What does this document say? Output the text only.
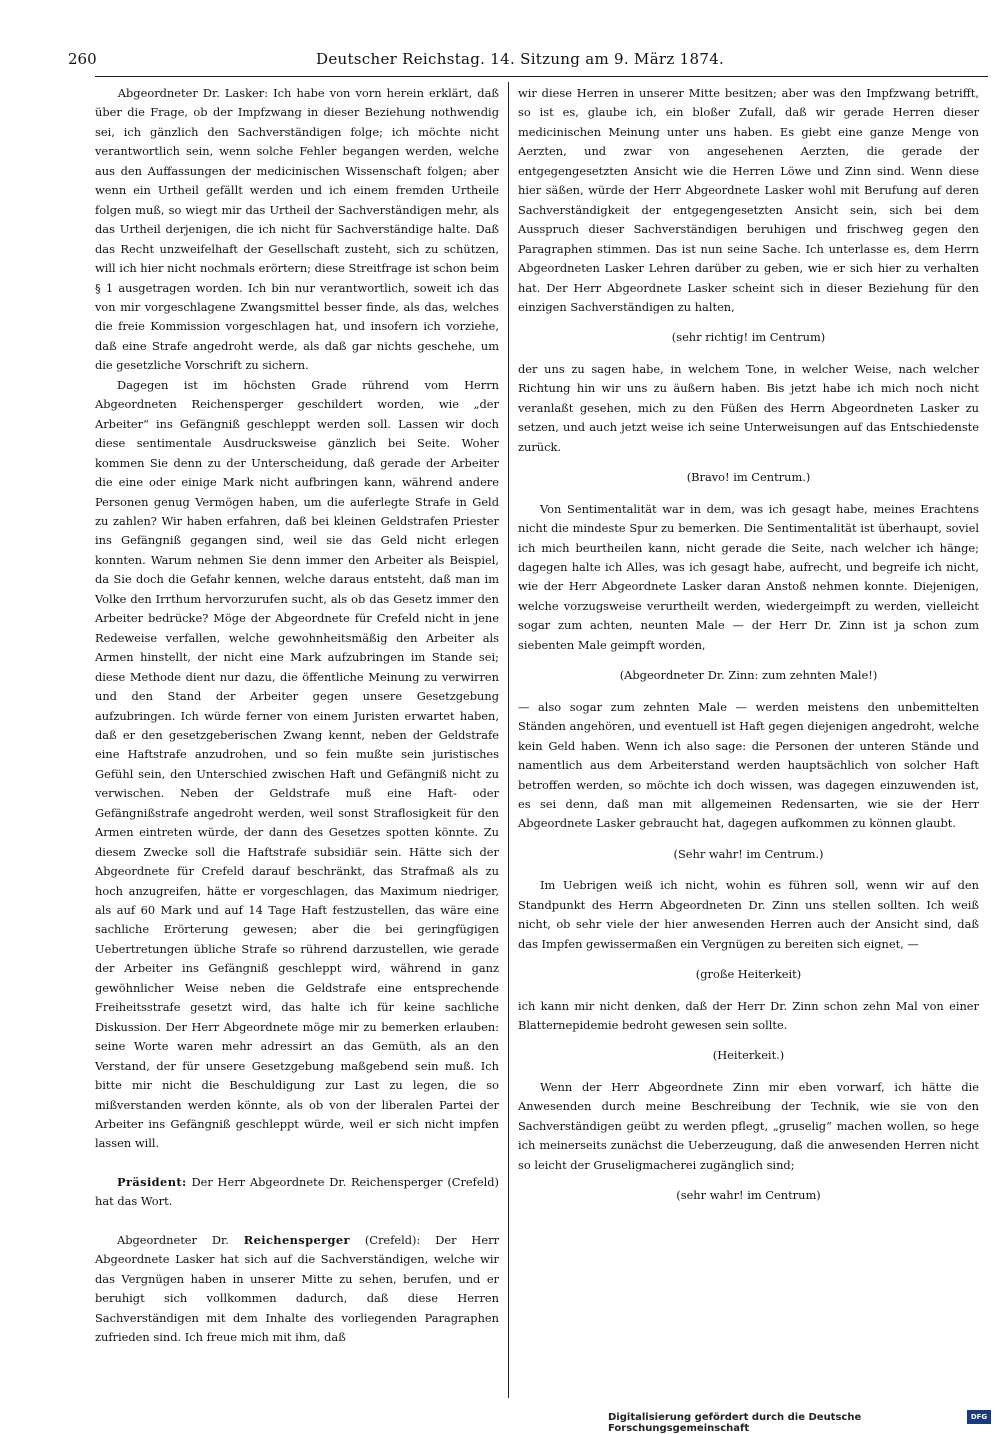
260	Deutscher Reichstag. 14. Sitzung am 9. März 1874.

  Abgeordneter Dr. Lasker: Ich habe von vorn herein erklärt, daß über die Frage, ob der Impfzwang in dieser Beziehung nothwendig sei, ich gänzlich den Sachverständigen folge; ich möchte nicht verantwortlich sein, wenn solche Fehler begangen werden, welche aus den Auffassungen der medicinischen Wissenschaft folgen; aber wenn ein Urtheil gefällt werden und ich einem fremden Urtheile folgen muß, so wiegt mir das Urtheil der Sachverständigen mehr, als das Urtheil derjenigen, die ich nicht für Sachverständige halte. Daß das Recht unzweifelhaft der Gesellschaft zusteht, sich zu schützen, will ich hier nicht nochmals erörtern; diese Streitfrage ist schon beim § 1 ausgetragen worden. Ich bin nur verantwortlich, soweit ich das von mir vorgeschlagene Zwangsmittel besser finde, als das, welches die freie Kommission vorgeschlagen hat, und insofern ich vorziehe, daß eine Strafe angedroht werde, als daß gar nichts geschehe, um die gesetzliche Vorschrift zu sichern.

Dagegen ist im höchsten Grade rührend vom Herrn Abgeordneten Reichensperger geschildert worden, wie „der Arbeiter“ ins Gefängniß geschleppt werden soll. Lassen wir doch diese sentimentale Ausdrucksweise gänzlich bei Seite. Woher kommen Sie denn zu der Unterscheidung, daß gerade der Arbeiter die eine oder einige Mark nicht aufbringen kann, während andere Personen genug Vermögen haben, um die auferlegte Strafe in Geld zu zahlen? Wir haben erfahren, daß bei kleinen Geldstrafen Priester ins Gefängniß gegangen sind, weil sie das Geld nicht erlegen konnten. Warum nehmen Sie denn immer den Arbeiter als Beispiel, da Sie doch die Gefahr kennen, welche daraus entsteht, daß man im Volke den Irrthum hervorzurufen sucht, als ob das Gesetz immer den Arbeiter bedrücke? Möge der Abgeordnete für Crefeld nicht in jene Redeweise verfallen, welche gewohnheitsmäßig den Arbeiter als Armen hinstellt, der nicht eine Mark aufzubringen im Stande sei; diese Methode dient nur dazu, die öffentliche Meinung zu verwirren und den Stand der Arbeiter gegen unsere Gesetzgebung aufzubringen. Ich würde ferner von einem Juristen erwartet haben, daß er den gesetzgeberischen Zwang kennt, neben der Geldstrafe eine Haftstrafe anzudrohen, und so fein mußte sein juristisches Gefühl sein, den Unterschied zwischen Haft und Gefängniß nicht zu verwischen. Neben der Geldstrafe muß eine Haft- oder Gefängnißstrafe angedroht werden, weil sonst Straflosigkeit für den Armen eintreten würde, der dann des Gesetzes spotten könnte. Zu diesem Zwecke soll die Haftstrafe subsidiär sein. Hätte sich der Abgeordnete für Crefeld darauf beschränkt, das Strafmaß als zu hoch anzugreifen, hätte er vorgeschlagen, das Maximum niedriger, als auf 60 Mark und auf 14 Tage Haft festzustellen, das wäre eine sachliche Erörterung gewesen; aber die bei geringfügigen Uebertretungen übliche Strafe so rührend darzustellen, wie gerade der Arbeiter ins Gefängniß geschleppt wird, während in ganz gewöhnlicher Weise neben die Geldstrafe eine entsprechende Freiheitsstrafe gesetzt wird, das halte ich für keine sachliche Diskussion. Der Herr Abgeordnete möge mir zu bemerken erlauben: seine Worte waren mehr adressirt an das Gemüth, als an den Verstand, der für unsere Gesetzgebung maßgebend sein muß. Ich bitte mir nicht die Beschuldigung zur Last zu legen, die so mißverstanden werden könnte, als ob von der liberalen Partei der Arbeiter ins Gefängniß geschleppt würde, weil er sich nicht impfen lassen will.

Präsident: Der Herr Abgeordnete Dr. Reichensperger (Crefeld) hat das Wort.

Abgeordneter Dr. Reichensperger (Crefeld): Der Herr Abgeordnete Lasker hat sich auf die Sachverständigen, welche wir das Vergnügen haben in unserer Mitte zu sehen, berufen, und er beruhigt sich vollkommen dadurch, daß diese Herren Sachverständigen mit dem Inhalte des vorliegenden Paragraphen zufrieden sind. Ich freue mich mit ihm, daß

wir diese Herren in unserer Mitte besitzen; aber was den Impfzwang betrifft, so ist es, glaube ich, ein bloßer Zufall, daß wir gerade Herren dieser medicinischen Meinung unter uns haben. Es giebt eine ganze Menge von Aerzten, und zwar von angesehenen Aerzten, die gerade der entgegengesetzten Ansicht wie die Herren Löwe und Zinn sind. Wenn diese hier säßen, würde der Herr Abgeordnete Lasker wohl mit Berufung auf deren Sachverständigkeit der entgegengesetzten Ansicht sein, sich bei dem Ausspruch dieser Sachverständigen beruhigen und frischweg gegen den Paragraphen stimmen. Das ist nun seine Sache. Ich unterlasse es, dem Herrn Abgeordneten Lasker Lehren darüber zu geben, wie er sich hier zu verhalten hat. Der Herr Abgeordnete Lasker scheint sich in dieser Beziehung für den einzigen Sachverständigen zu halten,

(sehr richtig! im Centrum)

der uns zu sagen habe, in welchem Tone, in welcher Weise, nach welcher Richtung hin wir uns zu äußern haben. Bis jetzt habe ich mich noch nicht veranlaßt gesehen, mich zu den Füßen des Herrn Abgeordneten Lasker zu setzen, und auch jetzt weise ich seine Unterweisungen auf das Entschiedenste zurück.

(Bravo! im Centrum.)

Von Sentimentalität war in dem, was ich gesagt habe, meines Erachtens nicht die mindeste Spur zu bemerken. Die Sentimentalität ist überhaupt, soviel ich mich beurtheilen kann, nicht gerade die Seite, nach welcher ich hänge; dagegen halte ich Alles, was ich gesagt habe, aufrecht, und begreife ich nicht, wie der Herr Abgeordnete Lasker daran Anstoß nehmen konnte. Diejenigen, welche vorzugsweise verurtheilt werden, wiedergeimpft zu werden, vielleicht sogar zum achten, neunten Male — der Herr Dr. Zinn ist ja schon zum siebenten Male geimpft worden,

(Abgeordneter Dr. Zinn: zum zehnten Male!)

— also sogar zum zehnten Male — werden meistens den unbemittelten Ständen angehören, und eventuell ist Haft gegen diejenigen angedroht, welche kein Geld haben. Wenn ich also sage: die Personen der unteren Stände und namentlich aus dem Arbeiterstand werden hauptsächlich von solcher Haft betroffen werden, so möchte ich doch wissen, was dagegen einzuwenden ist, es sei denn, daß man mit allgemeinen Redensarten, wie sie der Herr Abgeordnete Lasker gebraucht hat, dagegen aufkommen zu können glaubt.

(Sehr wahr! im Centrum.)

Im Uebrigen weiß ich nicht, wohin es führen soll, wenn wir auf den Standpunkt des Herrn Abgeordneten Dr. Zinn uns stellen sollten. Ich weiß nicht, ob sehr viele der hier anwesenden Herren auch der Ansicht sind, daß das Impfen gewissermaßen ein Vergnügen zu bereiten sich eignet, —

(große Heiterkeit)

ich kann mir nicht denken, daß der Herr Dr. Zinn schon zehn Mal von einer Blatternepidemie bedroht gewesen sein sollte.

(Heiterkeit.)

Wenn der Herr Abgeordnete Zinn mir eben vorwarf, ich hätte die Anwesenden durch meine Beschreibung der Technik, wie sie von den Sachverständigen geübt zu werden pflegt, „gruselig“ machen wollen, so hege ich meinerseits zunächst die Ueberzeugung, daß die anwesenden Herren nicht so leicht der Gruseligmacherei zugänglich sind;

(sehr wahr! im Centrum)

Digitalisierung gefördert durch die Deutsche Forschungsgemeinschaft
DFG
